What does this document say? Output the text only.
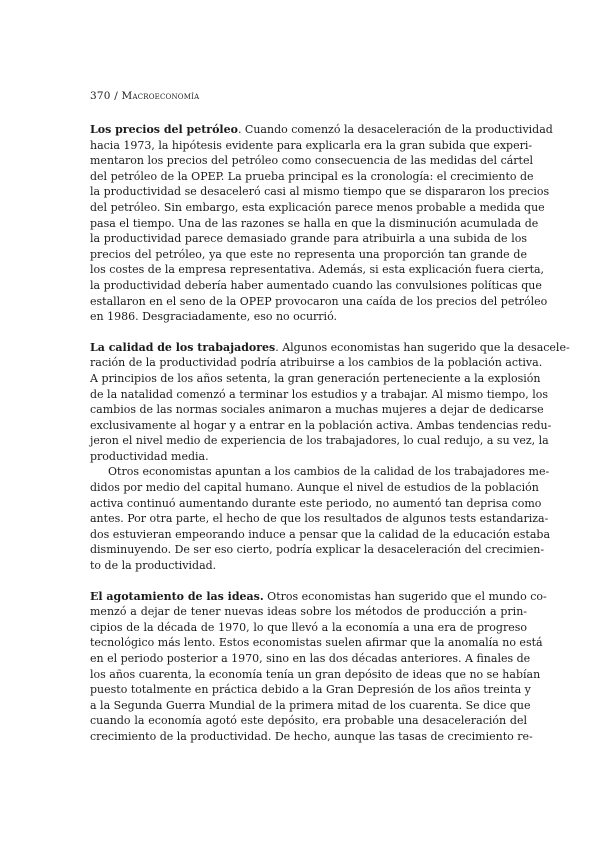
370 / Macroeconomía
Los precios del petróleo. Cuando comenzó la desaceleración de la productividad
hacia 1973, la hipótesis evidente para explicarla era la gran subida que experi-
mentaron los precios del petróleo como consecuencia de las medidas del cártel
del petróleo de la OPEP. La prueba principal es la cronología: el crecimiento de
la productividad se desaceleró casi al mismo tiempo que se dispararon los precios
del petróleo. Sin embargo, esta explicación parece menos probable a medida que
pasa el tiempo. Una de las razones se halla en que la disminución acumulada de
la productividad parece demasiado grande para atribuirla a una subida de los
precios del petróleo, ya que este no representa una proporción tan grande de
los costes de la empresa representativa. Además, si esta explicación fuera cierta,
la productividad debería haber aumentado cuando las convulsiones políticas que
estallaron en el seno de la OPEP provocaron una caída de los precios del petróleo
en 1986. Desgraciadamente, eso no ocurrió.
La calidad de los trabajadores. Algunos economistas han sugerido que la desacele-
ración de la productividad podría atribuirse a los cambios de la población activa.
A principios de los años setenta, la gran generación perteneciente a la explosión
de la natalidad comenzó a terminar los estudios y a trabajar. Al mismo tiempo, los
cambios de las normas sociales animaron a muchas mujeres a dejar de dedicarse
exclusivamente al hogar y a entrar en la población activa. Ambas tendencias redu-
jeron el nivel medio de experiencia de los trabajadores, lo cual redujo, a su vez, la
productividad media.
Otros economistas apuntan a los cambios de la calidad de los trabajadores me-
didos por medio del capital humano. Aunque el nivel de estudios de la población
activa continuó aumentando durante este periodo, no aumentó tan deprisa como
antes. Por otra parte, el hecho de que los resultados de algunos tests estandariza-
dos estuvieran empeorando induce a pensar que la calidad de la educación estaba
disminuyendo. De ser eso cierto, podría explicar la desaceleración del crecimien-
to de la productividad.
El agotamiento de las ideas. Otros economistas han sugerido que el mundo co-
menzó a dejar de tener nuevas ideas sobre los métodos de producción a prin-
cipios de la década de 1970, lo que llevó a la economía a una era de progreso
tecnológico más lento. Estos economistas suelen afirmar que la anomalía no está
en el periodo posterior a 1970, sino en las dos décadas anteriores. A finales de
los años cuarenta, la economía tenía un gran depósito de ideas que no se habían
puesto totalmente en práctica debido a la Gran Depresión de los años treinta y
a la Segunda Guerra Mundial de la primera mitad de los cuarenta. Se dice que
cuando la economía agotó este depósito, era probable una desaceleración del
crecimiento de la productividad. De hecho, aunque las tasas de crecimiento re-
